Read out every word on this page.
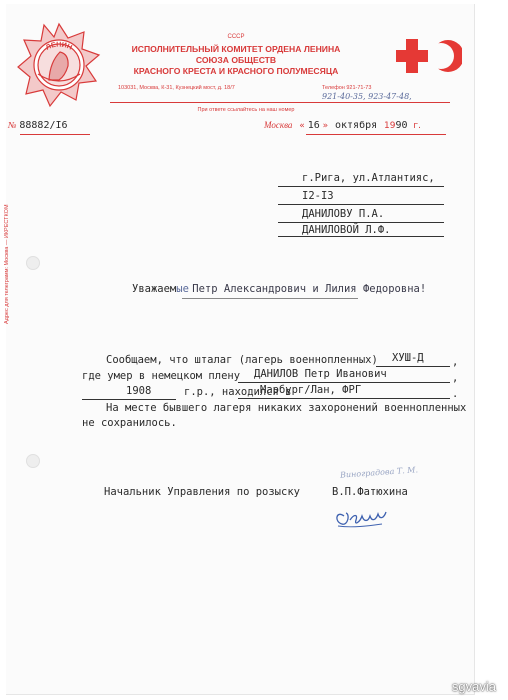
ЛЕНИН
СССР
ИСПОЛНИТЕЛЬНЫЙ КОМИТЕТ ОРДЕНА ЛЕНИНА
СОЮЗА ОБЩЕСТВ
КРАСНОГО КРЕСТА И КРАСНОГО ПОЛУМЕСЯЦА
103031, Москва, К-31, Кузнецкий мост, д. 18/7	Телефон 921-71-73
921-40-35, 923-47-48,
При ответе ссылайтесь на наш номер
Адрес для телеграмм: Москва — ИКРЕСТКОМ
№ 88882/I6	Москва « 16 » октября 1990 г.
г.Рига, ул.Атлантияс,
I2-I3
ДАНИЛОВУ П.А.
ДАНИЛОВОЙ Л.Ф.
Уважаемые Петр Александрович и Лилия Федоровна!
Сообщаем, что шталаг (лагерь военнопленных) ХУШ-Д	,
где умер в немецком плену ДАНИЛОВ Петр Иванович	,
1908	г.р., находился в
Марбург/Лан, ФРГ	.
На месте бывшего лагеря никаких захоронений военнопленных
не сохранилось.
Виноградова Т. М.
Начальник Управления по розыску	В.П.Фатюхина
sgvavia
